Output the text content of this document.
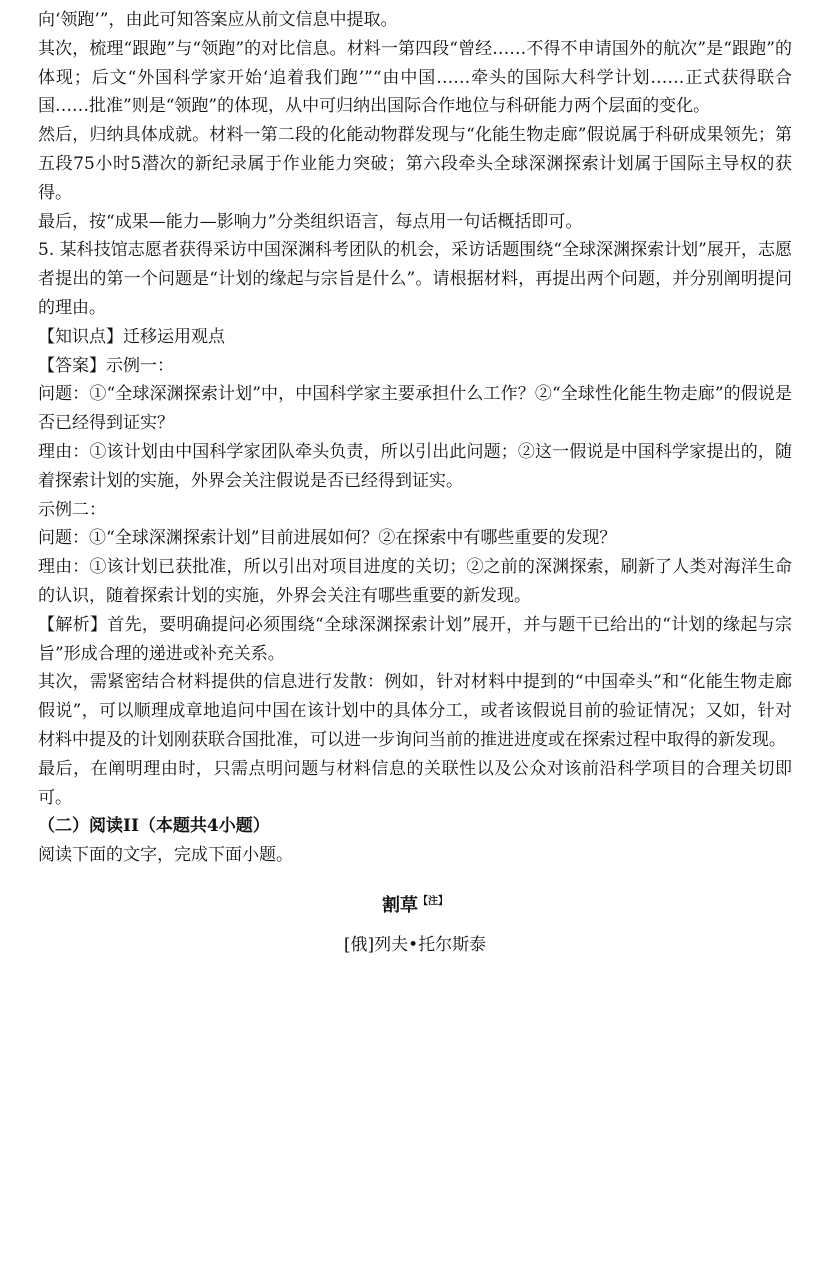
向‘领跑’”，由此可知答案应从前文信息中提取。

其次，梳理“跟跑”与“领跑”的对比信息。材料一第四段“曾经……不得不申请国外的航次”是“跟跑”的体现；后文“外国科学家开始‘追着我们跑’”“由中国……牵头的国际大科学计划……正式获得联合国……批准”则是“领跑”的体现，从中可归纳出国际合作地位与科研能力两个层面的变化。

然后，归纳具体成就。材料一第二段的化能动物群发现与“化能生物走廊”假说属于科研成果领先；第五段75小时5潜次的新纪录属于作业能力突破；第六段牵头全球深渊探索计划属于国际主导权的获得。

最后，按“成果—能力—影响力”分类组织语言，每点用一句话概括即可。

5. 某科技馆志愿者获得采访中国深渊科考团队的机会，采访话题围绕“全球深渊探索计划”展开，志愿者提出的第一个问题是“计划的缘起与宗旨是什么”。请根据材料，再提出两个问题，并分别阐明提问的理由。

【知识点】迁移运用观点

【答案】示例一：

问题：①“全球深渊探索计划”中，中国科学家主要承担什么工作？②“全球性化能生物走廊”的假说是否已经得到证实？

理由：①该计划由中国科学家团队牵头负责，所以引出此问题；②这一假说是中国科学家提出的，随着探索计划的实施，外界会关注假说是否已经得到证实。

示例二：

问题：①“全球深渊探索计划”目前进展如何？②在探索中有哪些重要的发现？

理由：①该计划已获批准，所以引出对项目进度的关切；②之前的深渊探索，刷新了人类对海洋生命的认识，随着探索计划的实施，外界会关注有哪些重要的新发现。

【解析】首先，要明确提问必须围绕“全球深渊探索计划”展开，并与题干已给出的“计划的缘起与宗旨”形成合理的递进或补充关系。

其次，需紧密结合材料提供的信息进行发散：例如，针对材料中提到的“中国牵头”和“化能生物走廊假说”，可以顺理成章地追问中国在该计划中的具体分工，或者该假说目前的验证情况；又如，针对材料中提及的计划刚获联合国批准，可以进一步询问当前的推进进度或在探索过程中取得的新发现。

最后，在阐明理由时，只需点明问题与材料信息的关联性以及公众对该前沿科学项目的合理关切即可。

（二）阅读II（本题共4小题）

阅读下面的文字，完成下面小题。

割草$^{【注】}$

[俄]列夫•托尔斯泰
